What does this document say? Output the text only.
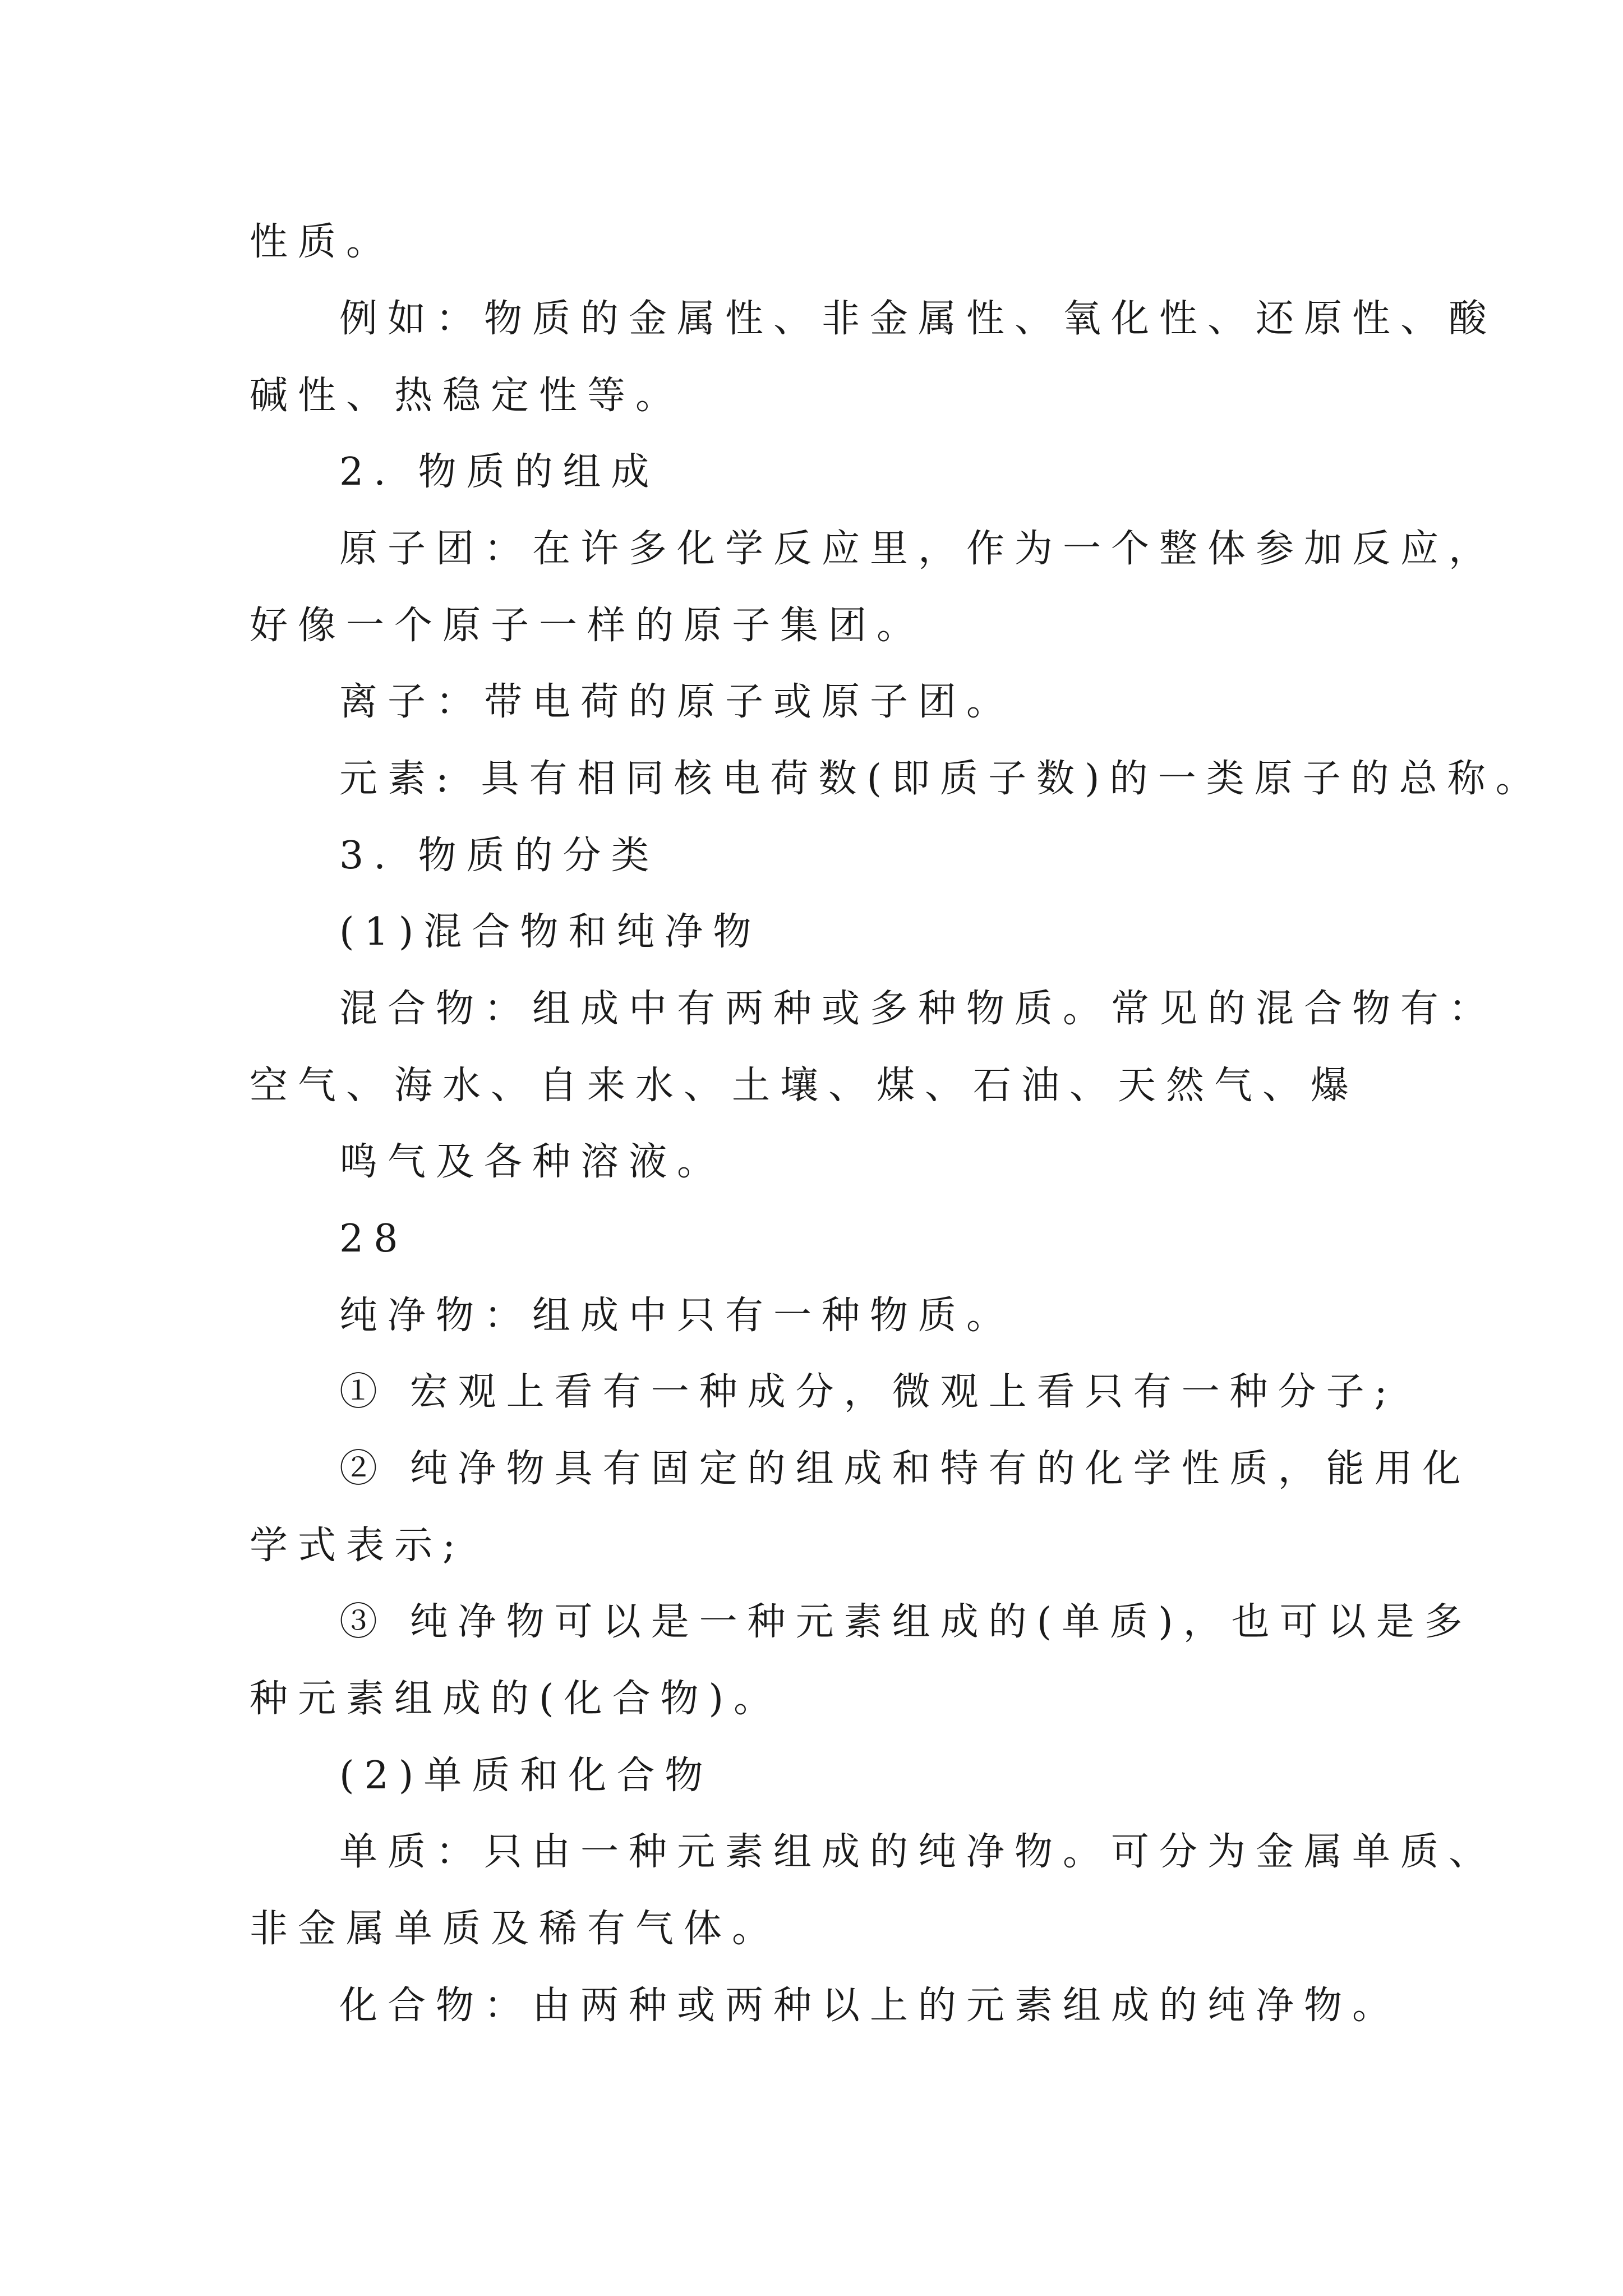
性质。
例如：物质的金属性、非金属性、氧化性、还原性、酸
碱性、热稳定性等。
2. 物质的组成
原子团：在许多化学反应里，作为一个整体参加反应，
好像一个原子一样的原子集团。
离子：带电荷的原子或原子团。
元素: 具有相同核电荷数(即质子数)的一类原子的总称。
3. 物质的分类
(1)混合物和纯净物
混合物：组成中有两种或多种物质。常见的混合物有：
空气、海水、自来水、土壤、煤、石油、天然气、爆
鸣气及各种溶液。
28
纯净物：组成中只有一种物质。
① 宏观上看有一种成分，微观上看只有一种分子;
② 纯净物具有固定的组成和特有的化学性质，能用化
学式表示;
③ 纯净物可以是一种元素组成的(单质)，也可以是多
种元素组成的(化合物)。
(2)单质和化合物
单质：只由一种元素组成的纯净物。可分为金属单质、
非金属单质及稀有气体。
化合物：由两种或两种以上的元素组成的纯净物。
